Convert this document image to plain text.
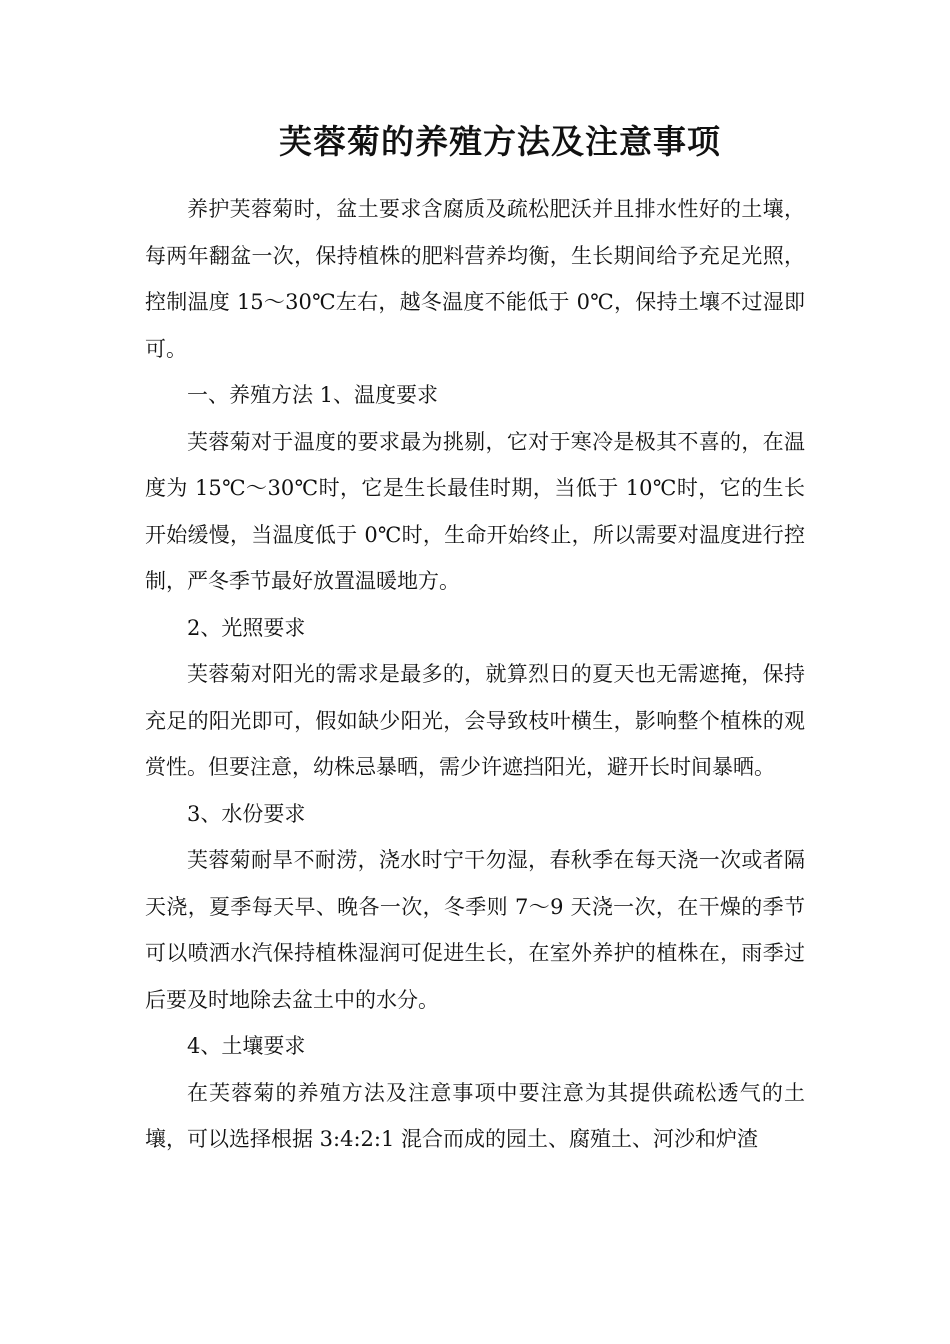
芙蓉菊的养殖方法及注意事项

养护芙蓉菊时，盆土要求含腐质及疏松肥沃并且排水性好的土壤，每两年翻盆一次，保持植株的肥料营养均衡，生长期间给予充足光照，控制温度 15～30℃左右，越冬温度不能低于 0℃，保持土壤不过湿即可。

一、养殖方法 1、温度要求

芙蓉菊对于温度的要求最为挑剔，它对于寒冷是极其不喜的，在温度为 15℃～30℃时，它是生长最佳时期，当低于 10℃时，它的生长开始缓慢，当温度低于 0℃时，生命开始终止，所以需要对温度进行控制，严冬季节最好放置温暖地方。

2、光照要求

芙蓉菊对阳光的需求是最多的，就算烈日的夏天也无需遮掩，保持充足的阳光即可，假如缺少阳光，会导致枝叶横生，影响整个植株的观赏性。但要注意，幼株忌暴晒，需少许遮挡阳光，避开长时间暴晒。

3、水份要求

芙蓉菊耐旱不耐涝，浇水时宁干勿湿，春秋季在每天浇一次或者隔天浇，夏季每天早、晚各一次，冬季则 7～9 天浇一次，在干燥的季节可以喷洒水汽保持植株湿润可促进生长，在室外养护的植株在，雨季过后要及时地除去盆土中的水分。

4、土壤要求

在芙蓉菊的养殖方法及注意事项中要注意为其提供疏松透气的土壤，可以选择根据 3:4:2:1 混合而成的园土、腐殖土、河沙和炉渣
